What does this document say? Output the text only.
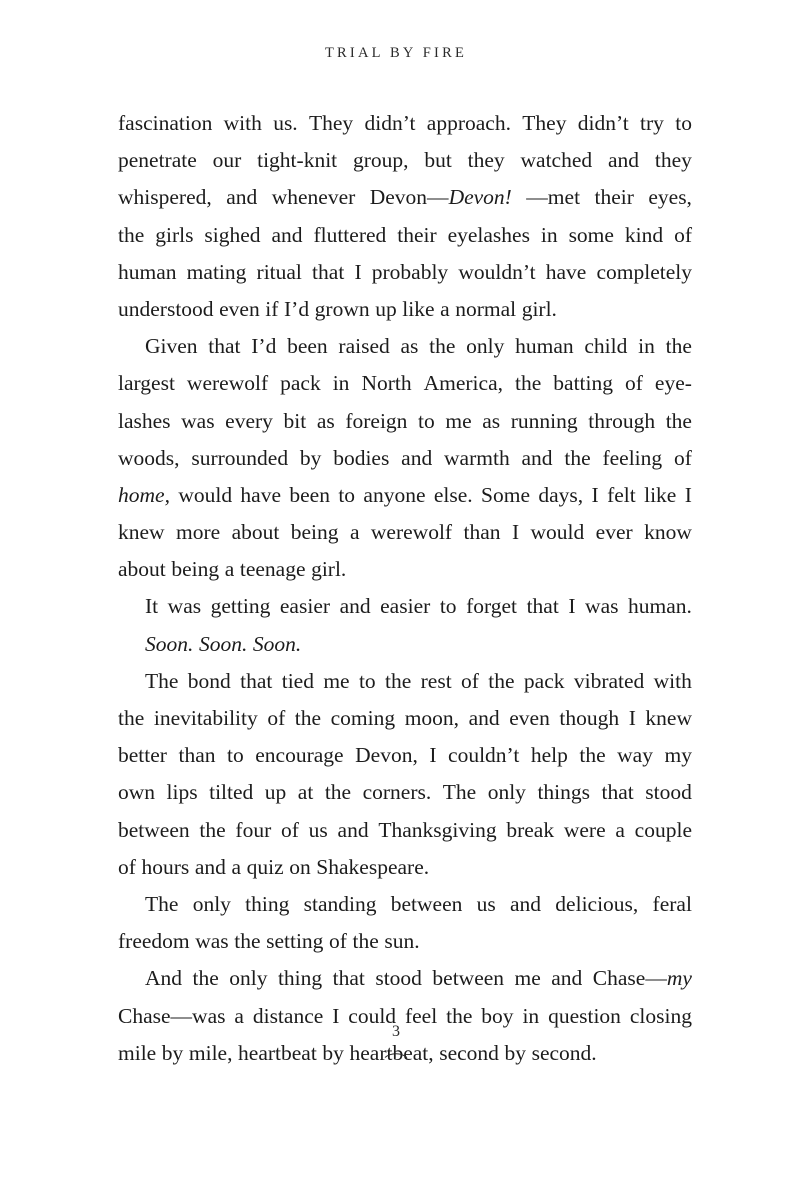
TRIAL BY FIRE
fascination with us. They didn’t approach. They didn’t try to
penetrate our tight-knit group, but they watched and they
whispered, and whenever Devon— Devon! —met their eyes,
the girls sighed and fluttered their eyelashes in some kind of
human mating ritual that I probably wouldn’t have completely
understood even if I’d grown up like a normal girl.
Given that I’d been raised as the only human child in the
largest werewolf pack in North America, the batting of eye-
lashes was every bit as foreign to me as running through the
woods, surrounded by bodies and warmth and the feeling of
home, would have been to anyone else. Some days, I felt like I
knew more about being a werewolf than I would ever know
about being a teenage girl.
It was getting easier and easier to forget that I was human.
Soon. Soon. Soon.
The bond that tied me to the rest of the pack vibrated with
the inevitability of the coming moon, and even though I knew
better than to encourage Devon, I couldn’t help the way my
own lips tilted up at the corners. The only things that stood
between the four of us and Thanksgiving break were a couple
of hours and a quiz on Shakespeare.
The only thing standing between us and delicious, feral
freedom was the setting of the sun.
And the only thing that stood between me and Chase— my
Chase—was a distance I could feel the boy in question closing
mile by mile, heartbeat by heartbeat, second by second.
3
